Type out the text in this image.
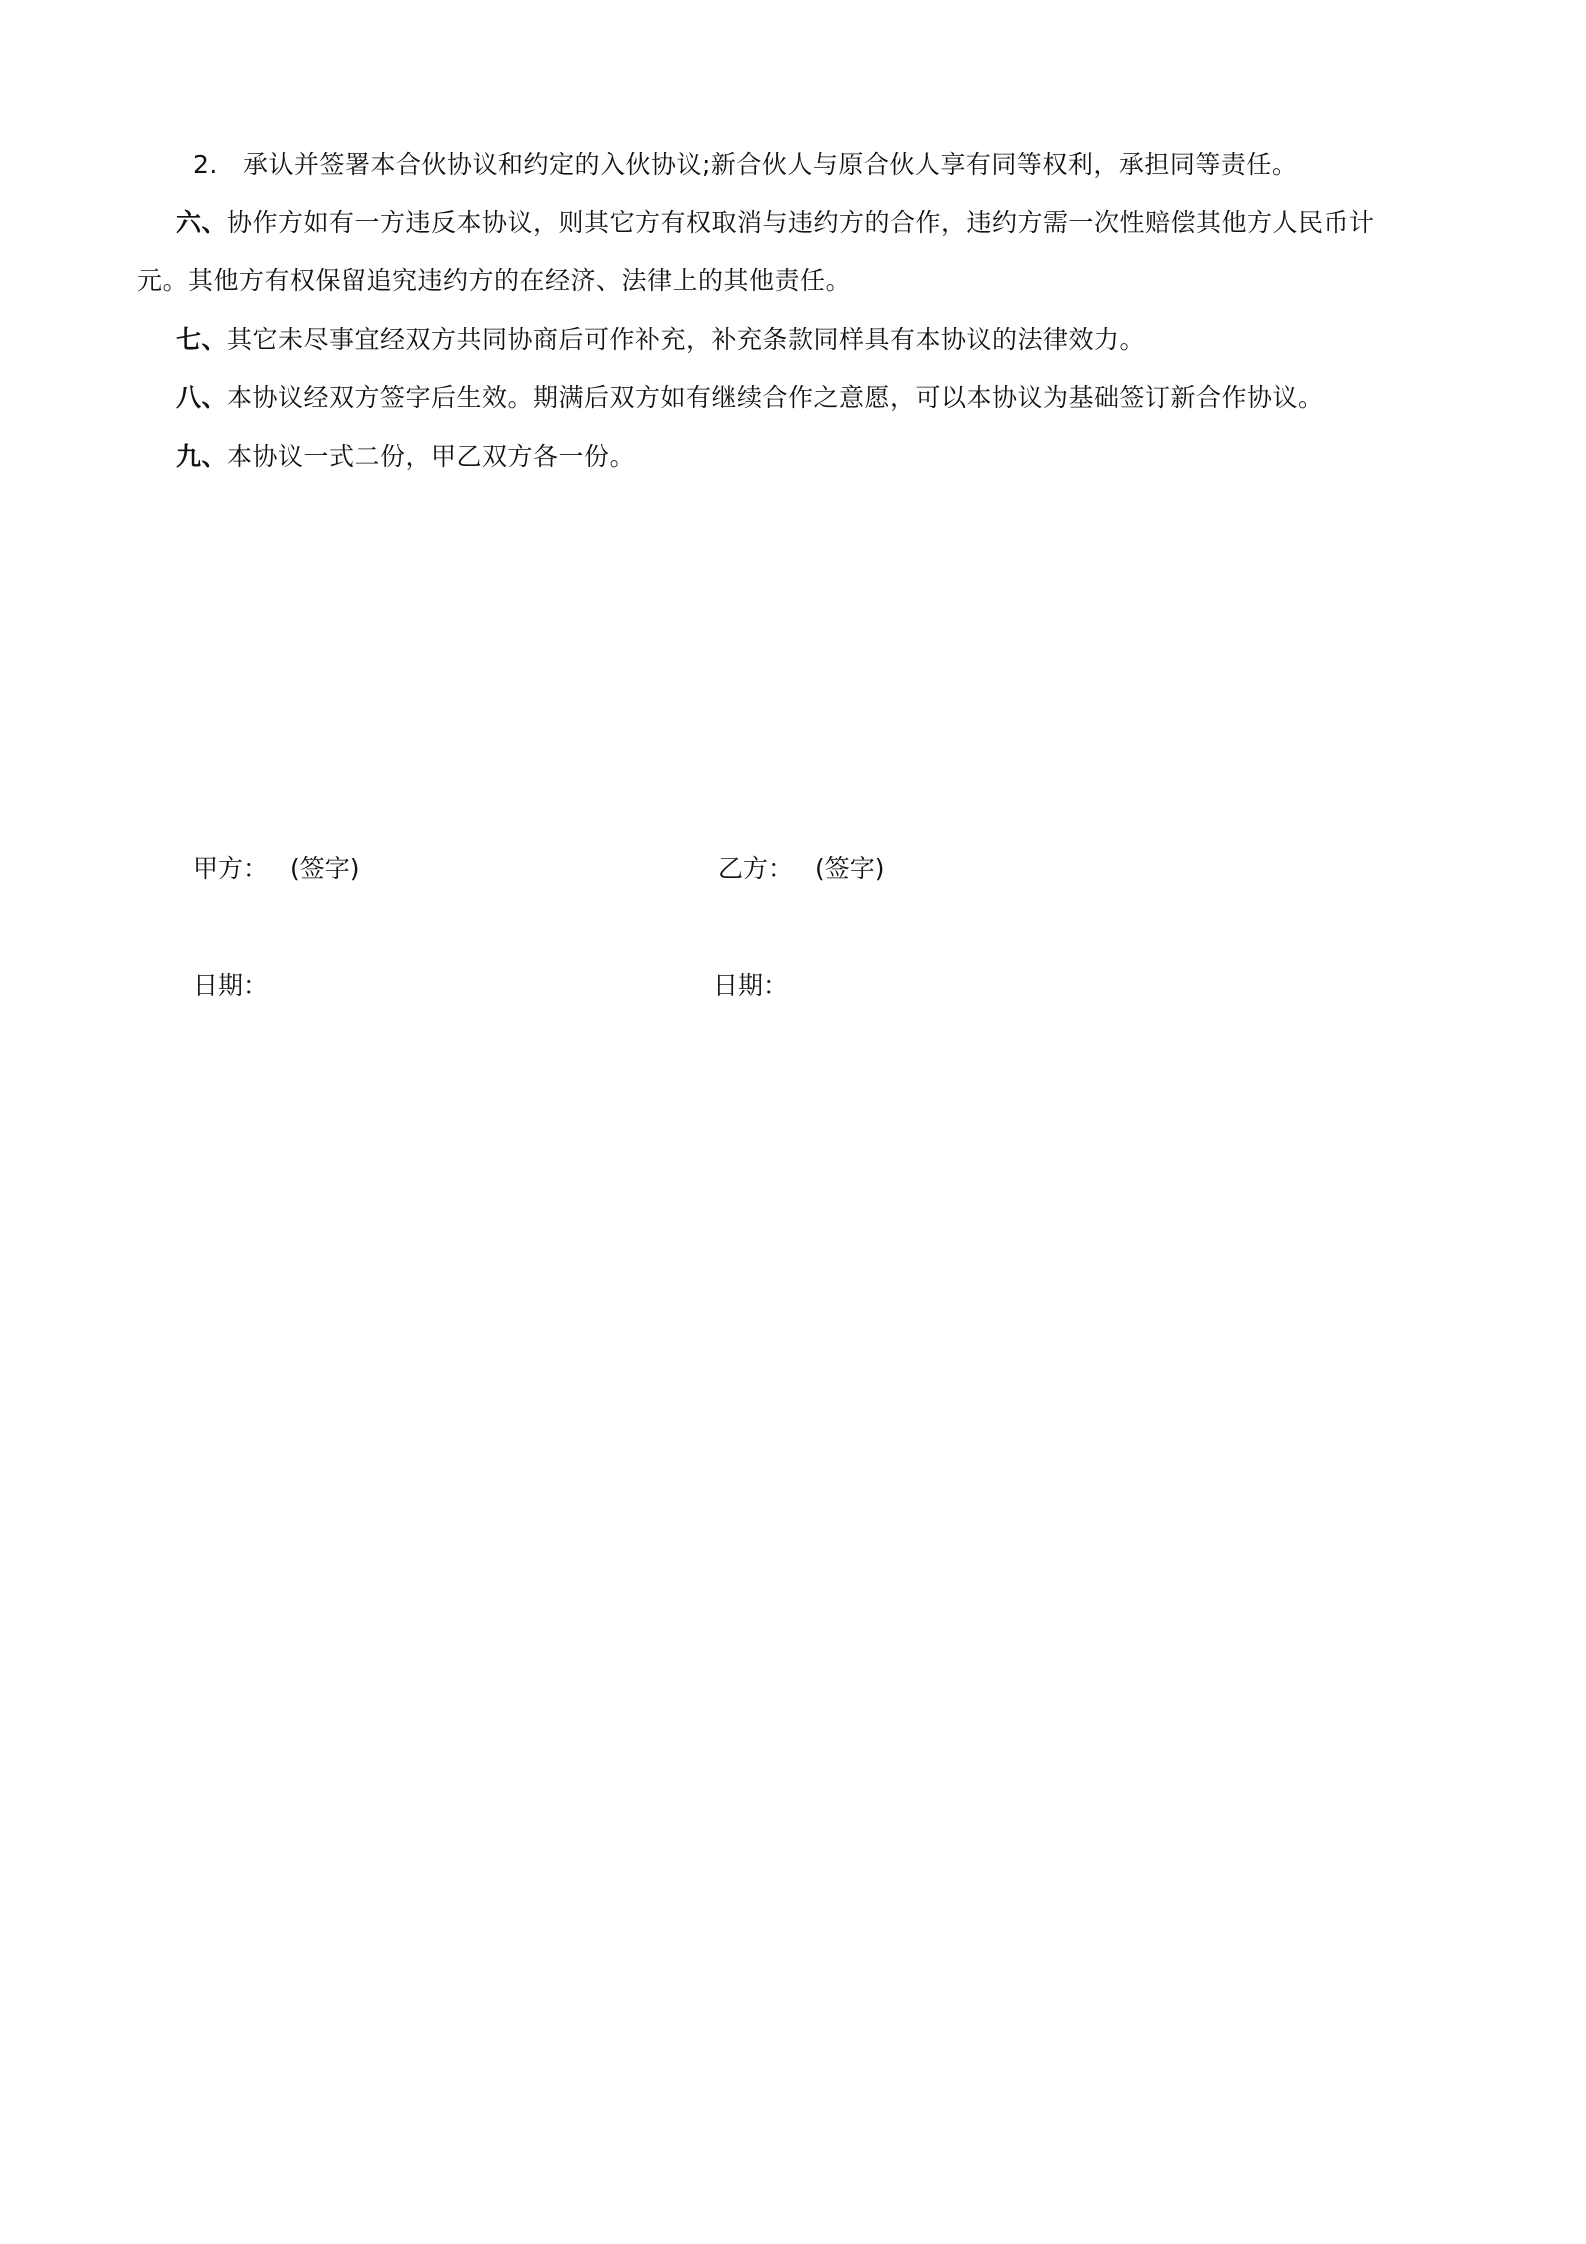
2. 承认并签署本合伙协议和约定的入伙协议;新合伙人与原合伙人享有同等权利，承担同等责任。
六、协作方如有一方违反本协议，则其它方有权取消与违约方的合作，违约方需一次性赔偿其他方人民币计
元。其他方有权保留追究违约方的在经济、法律上的其他责任。
七、其它未尽事宜经双方共同协商后可作补充，补充条款同样具有本协议的法律效力。
八、本协议经双方签字后生效。期满后双方如有继续合作之意愿，可以本协议为基础签订新合作协议。
九、本协议一式二份，甲乙双方各一份。
甲方： (签字)	乙方： (签字)
日期：	日期：
